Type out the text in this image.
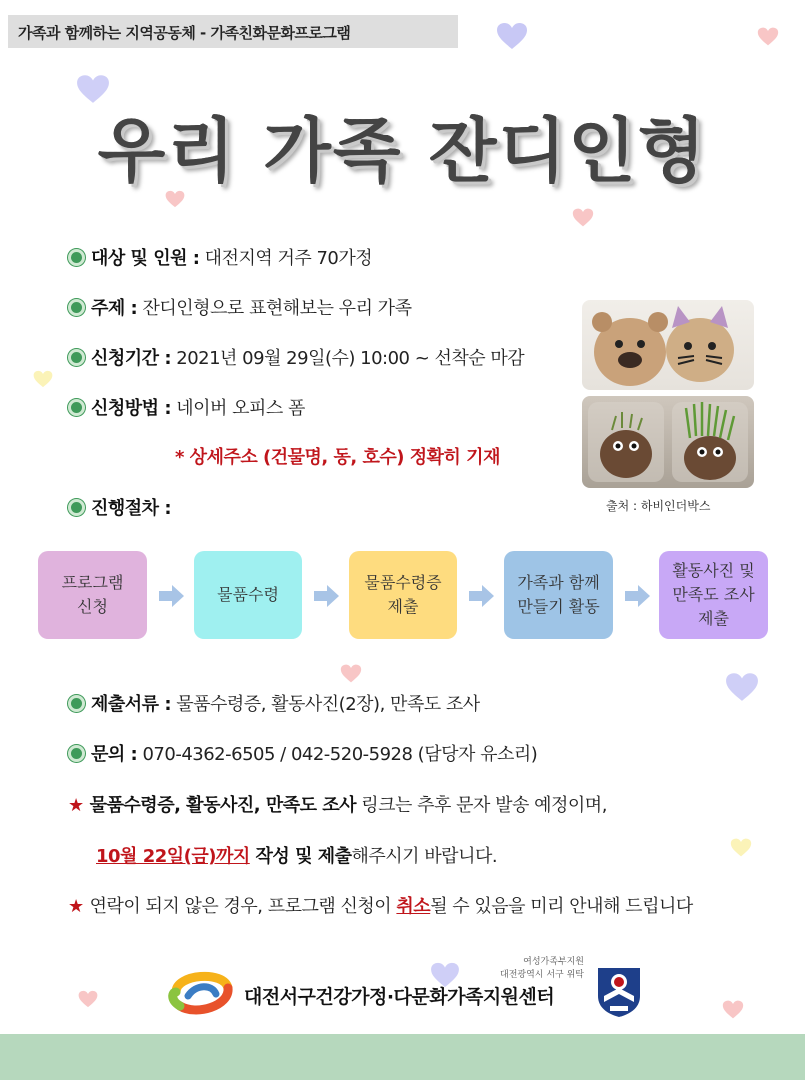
가족과 함께하는 지역공동체 - 가족친화문화프로그램
우리 가족 잔디인형
대상 및 인원 : 대전지역 거주 70가정
주제 : 잔디인형으로 표현해보는 우리 가족
신청기간 : 2021년 09월 29일(수) 10:00 ~ 선착순 마감
신청방법 : 네이버 오피스 폼
* 상세주소 (건물명, 동, 호수) 정확히 기재
진행절차 :	출처 : 하비인더박스
프로그램
신청
물품수령
물품수령증
제출
가족과 함께
만들기 활동
활동사진 및
만족도 조사
제출
제출서류 : 물품수령증, 활동사진(2장), 만족도 조사
문의 : 070-4362-6505 / 042-520-5928 (담당자 유소리)
★ 물품수령증, 활동사진, 만족도 조사 링크는 추후 문자 발송 예정이며,
10월 22일(금)까지 작성 및 제출해주시기 바랍니다.
★ 연락이 되지 않은 경우, 프로그램 신청이 취소될 수 있음을 미리 안내해 드립니다
대전서구건강가정·다문화가족지원센터
여성가족부지원
대전광역시 서구 위탁
